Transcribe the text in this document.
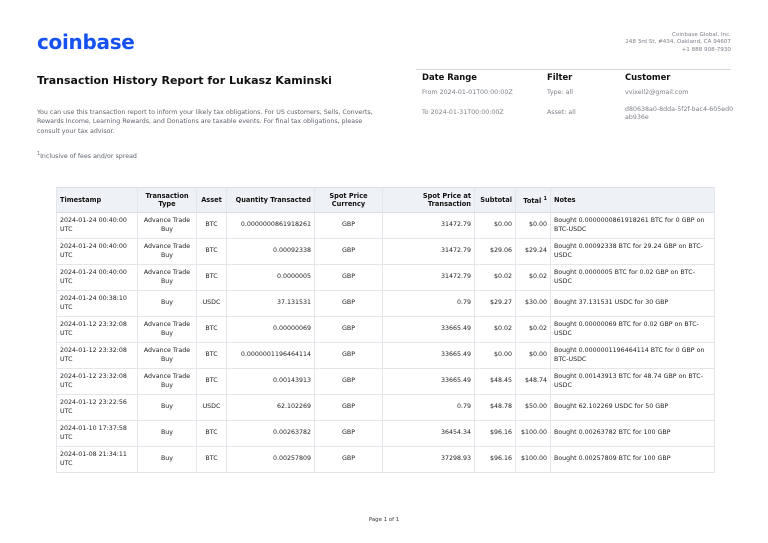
coinbase	Coinbase Global, Inc.
248 3rd St, #434, Oakland, CA 94607
+1 888 908-7930
Transaction History Report for Lukasz Kaminski
You can use this transaction report to inform your likely tax obligations. For US customers, Sells, Converts, Rewards Income, Learning Rewards, and Donations are taxable events. For final tax obligations, please consult your tax advisor.
$^1$Inclusive of fees and/or spread
Date Range
From 2024-01-01T00:00:00Z
To 2024-01-31T00:00:00Z
Filter
Type: all
Asset: all
Customer
vvixell2@gmail.com
d80638a0-8dda-5f2f-bac4-605ed0ab936e
Timestamp	Transaction Type	Asset	Quantity Transacted	Spot Price Currency	Spot Price at Transaction	Subtotal	Total $^1$	Notes
2024-01-24 00:40:00 UTC	Advance Trade Buy	BTC	0.0000000861918261	GBP	31472.79	$0.00	$0.00	Bought 0.0000000861918261 BTC for 0 GBP on BTC-USDC
2024-01-24 00:40:00 UTC	Advance Trade Buy	BTC	0.00092338	GBP	31472.79	$29.06	$29.24	Bought 0.00092338 BTC for 29.24 GBP on BTC-USDC
2024-01-24 00:40:00 UTC	Advance Trade Buy	BTC	0.0000005	GBP	31472.79	$0.02	$0.02	Bought 0.0000005 BTC for 0.02 GBP on BTC-USDC
2024-01-24 00:38:10 UTC	Buy	USDC	37.131531	GBP	0.79	$29.27	$30.00	Bought 37.131531 USDC for 30 GBP
2024-01-12 23:32:08 UTC	Advance Trade Buy	BTC	0.00000069	GBP	33665.49	$0.02	$0.02	Bought 0.00000069 BTC for 0.02 GBP on BTC-USDC
2024-01-12 23:32:08 UTC	Advance Trade Buy	BTC	0.0000001196464114	GBP	33665.49	$0.00	$0.00	Bought 0.0000001196464114 BTC for 0 GBP on BTC-USDC
2024-01-12 23:32:08 UTC	Advance Trade Buy	BTC	0.00143913	GBP	33665.49	$48.45	$48.74	Bought 0.00143913 BTC for 48.74 GBP on BTC-USDC
2024-01-12 23:22:56 UTC	Buy	USDC	62.102269	GBP	0.79	$48.78	$50.00	Bought 62.102269 USDC for 50 GBP
2024-01-10 17:37:58 UTC	Buy	BTC	0.00263782	GBP	36454.34	$96.16	$100.00	Bought 0.00263782 BTC for 100 GBP
2024-01-08 21:34:11 UTC	Buy	BTC	0.00257809	GBP	37298.93	$96.16	$100.00	Bought 0.00257809 BTC for 100 GBP
Page 1 of 1
